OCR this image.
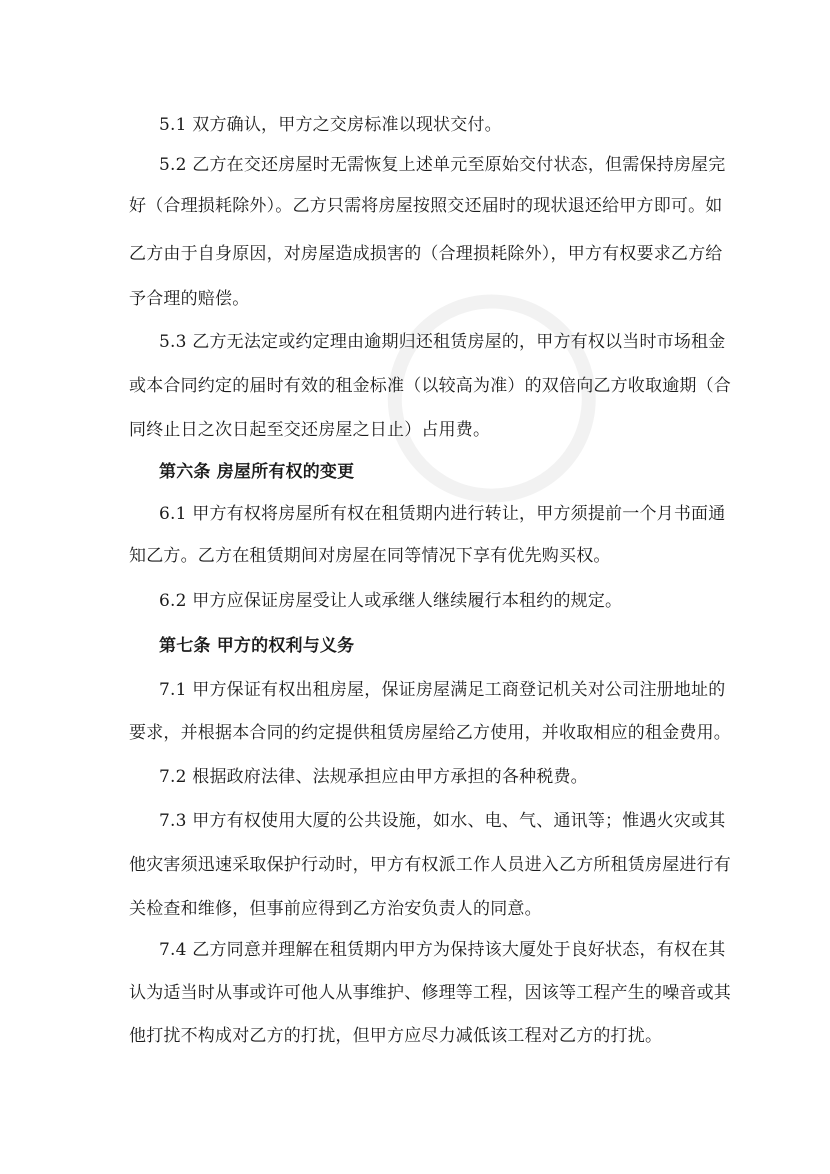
5.1 双方确认，甲方之交房标准以现状交付。
5.2 乙方在交还房屋时无需恢复上述单元至原始交付状态，但需保持房屋完
好（合理损耗除外）。乙方只需将房屋按照交还届时的现状退还给甲方即可。如
乙方由于自身原因，对房屋造成损害的（合理损耗除外），甲方有权要求乙方给
予合理的赔偿。
5.3 乙方无法定或约定理由逾期归还租赁房屋的，甲方有权以当时市场租金
或本合同约定的届时有效的租金标准（以较高为准）的双倍向乙方收取逾期（合
同终止日之次日起至交还房屋之日止）占用费。
第六条 房屋所有权的变更
6.1 甲方有权将房屋所有权在租赁期内进行转让，甲方须提前一个月书面通
知乙方。乙方在租赁期间对房屋在同等情况下享有优先购买权。
6.2 甲方应保证房屋受让人或承继人继续履行本租约的规定。
第七条 甲方的权利与义务
7.1 甲方保证有权出租房屋，保证房屋满足工商登记机关对公司注册地址的
要求，并根据本合同的约定提供租赁房屋给乙方使用，并收取相应的租金费用。
7.2 根据政府法律、法规承担应由甲方承担的各种税费。
7.3 甲方有权使用大厦的公共设施，如水、电、气、通讯等；惟遇火灾或其
他灾害须迅速采取保护行动时，甲方有权派工作人员进入乙方所租赁房屋进行有
关检查和维修，但事前应得到乙方治安负责人的同意。
7.4 乙方同意并理解在租赁期内甲方为保持该大厦处于良好状态，有权在其
认为适当时从事或许可他人从事维护、修理等工程，因该等工程产生的噪音或其
他打扰不构成对乙方的打扰，但甲方应尽力减低该工程对乙方的打扰。
